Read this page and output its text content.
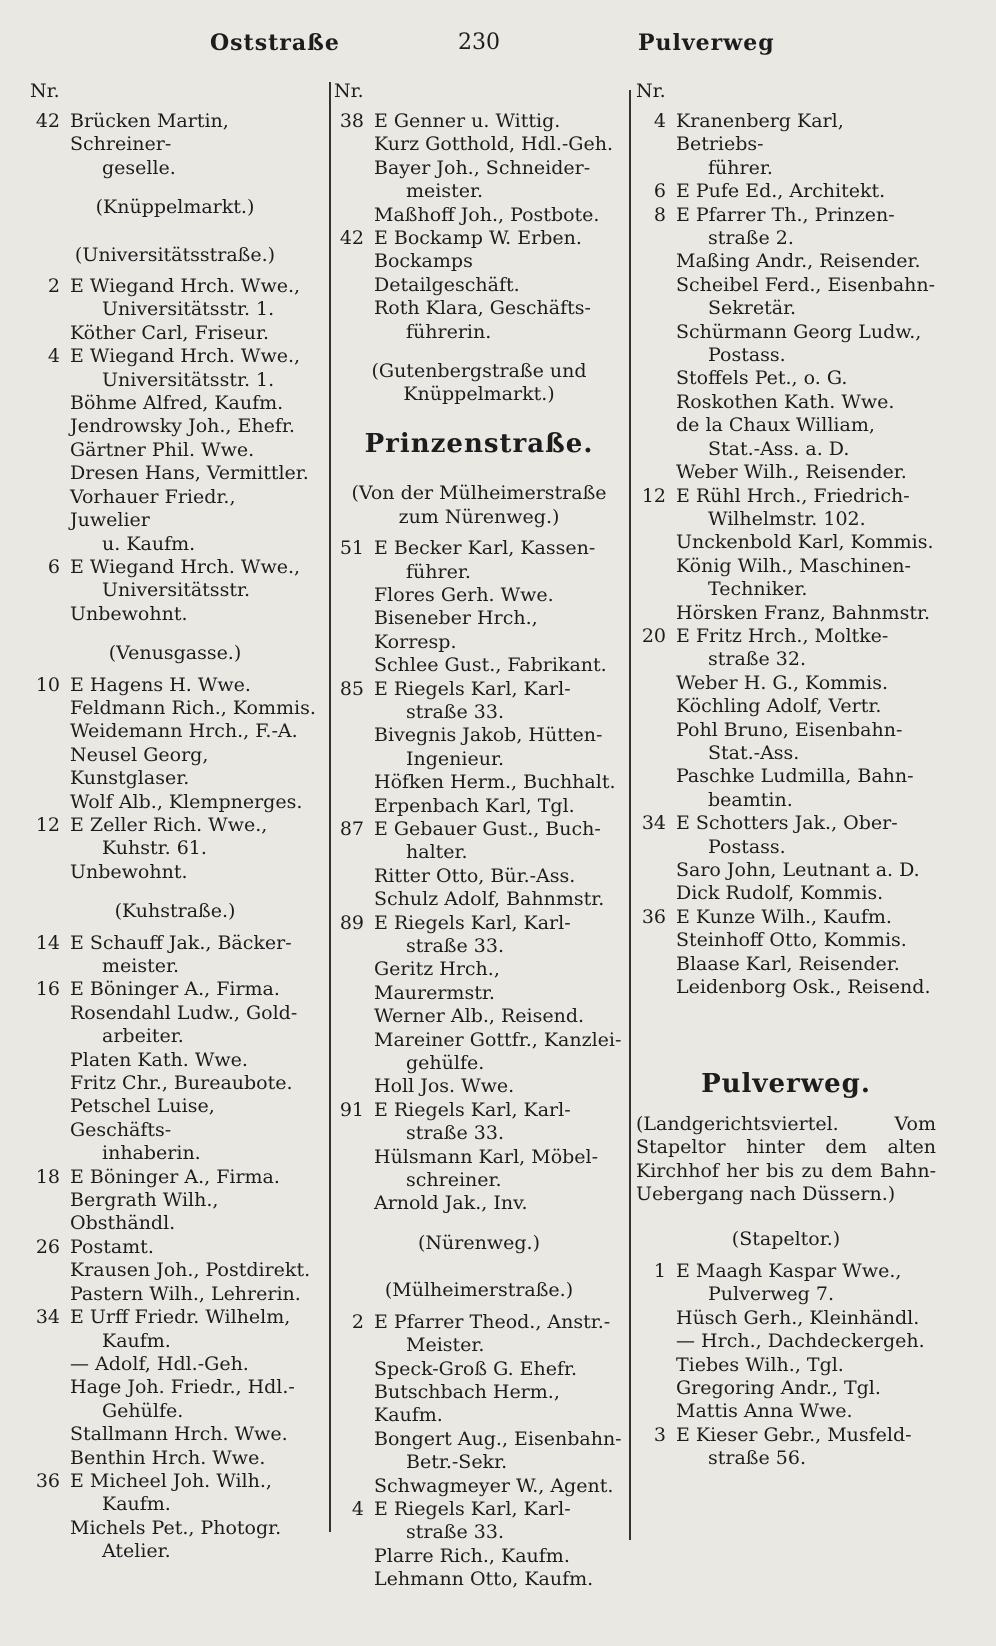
Oststraße	230	Pulverweg
Nr.
42 Brücken Martin, Schreiner-
geselle.
(Knüppelmarkt.)
(Universitätsstraße.)
2 E Wiegand Hrch. Wwe.,
Universitätsstr. 1.
Köther Carl, Friseur.
4 E Wiegand Hrch. Wwe.,
Universitätsstr. 1.
Böhme Alfred, Kaufm.
Jendrowsky Joh., Ehefr.
Gärtner Phil. Wwe.
Dresen Hans, Vermittler.
Vorhauer Friedr., Juwelier
u. Kaufm.
6 E Wiegand Hrch. Wwe.,
Universitätsstr.
Unbewohnt.
(Venusgasse.)
10 E Hagens H. Wwe.
Feldmann Rich., Kommis.
Weidemann Hrch., F.-A.
Neusel Georg, Kunstglaser.
Wolf Alb., Klempnerges.
12 E Zeller Rich. Wwe.,
Kuhstr. 61.
Unbewohnt.
(Kuhstraße.)
14 E Schauff Jak., Bäcker-
meister.
16 E Böninger A., Firma.
Rosendahl Ludw., Gold-
arbeiter.
Platen Kath. Wwe.
Fritz Chr., Bureaubote.
Petschel Luise, Geschäfts-
inhaberin.
18 E Böninger A., Firma.
Bergrath Wilh., Obsthändl.
26 Postamt.
Krausen Joh., Postdirekt.
Pastern Wilh., Lehrerin.
34 E Urff Friedr. Wilhelm,
Kaufm.
— Adolf, Hdl.-Geh.
Hage Joh. Friedr., Hdl.-
Gehülfe.
Stallmann Hrch. Wwe.
Benthin Hrch. Wwe.
36 E Micheel Joh. Wilh.,
Kaufm.
Michels Pet., Photogr.
Atelier.
Nr.
38 E Genner u. Wittig.
Kurz Gotthold, Hdl.-Geh.
Bayer Joh., Schneider-
meister.
Maßhoff Joh., Postbote.
42 E Bockamp W. Erben.
Bockamps Detailgeschäft.
Roth Klara, Geschäfts-
führerin.
(Gutenbergstraße und Knüppelmarkt.)
Prinzenstraße.
(Von der Mülheimerstraße zum Nürenweg.)
51 E Becker Karl, Kassen-
führer.
Flores Gerh. Wwe.
Biseneber Hrch., Korresp.
Schlee Gust., Fabrikant.
85 E Riegels Karl, Karl-
straße 33.
Bivegnis Jakob, Hütten-
Ingenieur.
Höfken Herm., Buchhalt.
Erpenbach Karl, Tgl.
87 E Gebauer Gust., Buch-
halter.
Ritter Otto, Bür.-Ass.
Schulz Adolf, Bahnmstr.
89 E Riegels Karl, Karl-
straße 33.
Geritz Hrch., Maurermstr.
Werner Alb., Reisend.
Mareiner Gottfr., Kanzlei-
gehülfe.
Holl Jos. Wwe.
91 E Riegels Karl, Karl-
straße 33.
Hülsmann Karl, Möbel-
schreiner.
Arnold Jak., Inv.
(Nürenweg.)
(Mülheimerstraße.)
2 E Pfarrer Theod., Anstr.-
Meister.
Speck-Groß G. Ehefr.
Butschbach Herm., Kaufm.
Bongert Aug., Eisenbahn-
Betr.-Sekr.
Schwagmeyer W., Agent.
4 E Riegels Karl, Karl-
straße 33.
Plarre Rich., Kaufm.
Lehmann Otto, Kaufm.
Nr.
4 Kranenberg Karl, Betriebs-
führer.
6 E Pufe Ed., Architekt.
8 E Pfarrer Th., Prinzen-
straße 2.
Maßing Andr., Reisender.
Scheibel Ferd., Eisenbahn-
Sekretär.
Schürmann Georg Ludw.,
Postass.
Stoffels Pet., o. G.
Roskothen Kath. Wwe.
de la Chaux William,
Stat.-Ass. a. D.
Weber Wilh., Reisender.
12 E Rühl Hrch., Friedrich-
Wilhelmstr. 102.
Unckenbold Karl, Kommis.
König Wilh., Maschinen-
Techniker.
Hörsken Franz, Bahnmstr.
20 E Fritz Hrch., Moltke-
straße 32.
Weber H. G., Kommis.
Köchling Adolf, Vertr.
Pohl Bruno, Eisenbahn-
Stat.-Ass.
Paschke Ludmilla, Bahn-
beamtin.
34 E Schotters Jak., Ober-
Postass.
Saro John, Leutnant a. D.
Dick Rudolf, Kommis.
36 E Kunze Wilh., Kaufm.
Steinhoff Otto, Kommis.
Blaase Karl, Reisender.
Leidenborg Osk., Reisend.
Pulverweg.
(Landgerichtsviertel. Vom Stapeltor hinter dem alten Kirchhof her bis zu dem Bahn-Uebergang nach Düssern.)
(Stapeltor.)
1 E Maagh Kaspar Wwe.,
Pulverweg 7.
Hüsch Gerh., Kleinhändl.
— Hrch., Dachdeckergeh.
Tiebes Wilh., Tgl.
Gregoring Andr., Tgl.
Mattis Anna Wwe.
3 E Kieser Gebr., Musfeld-
straße 56.
